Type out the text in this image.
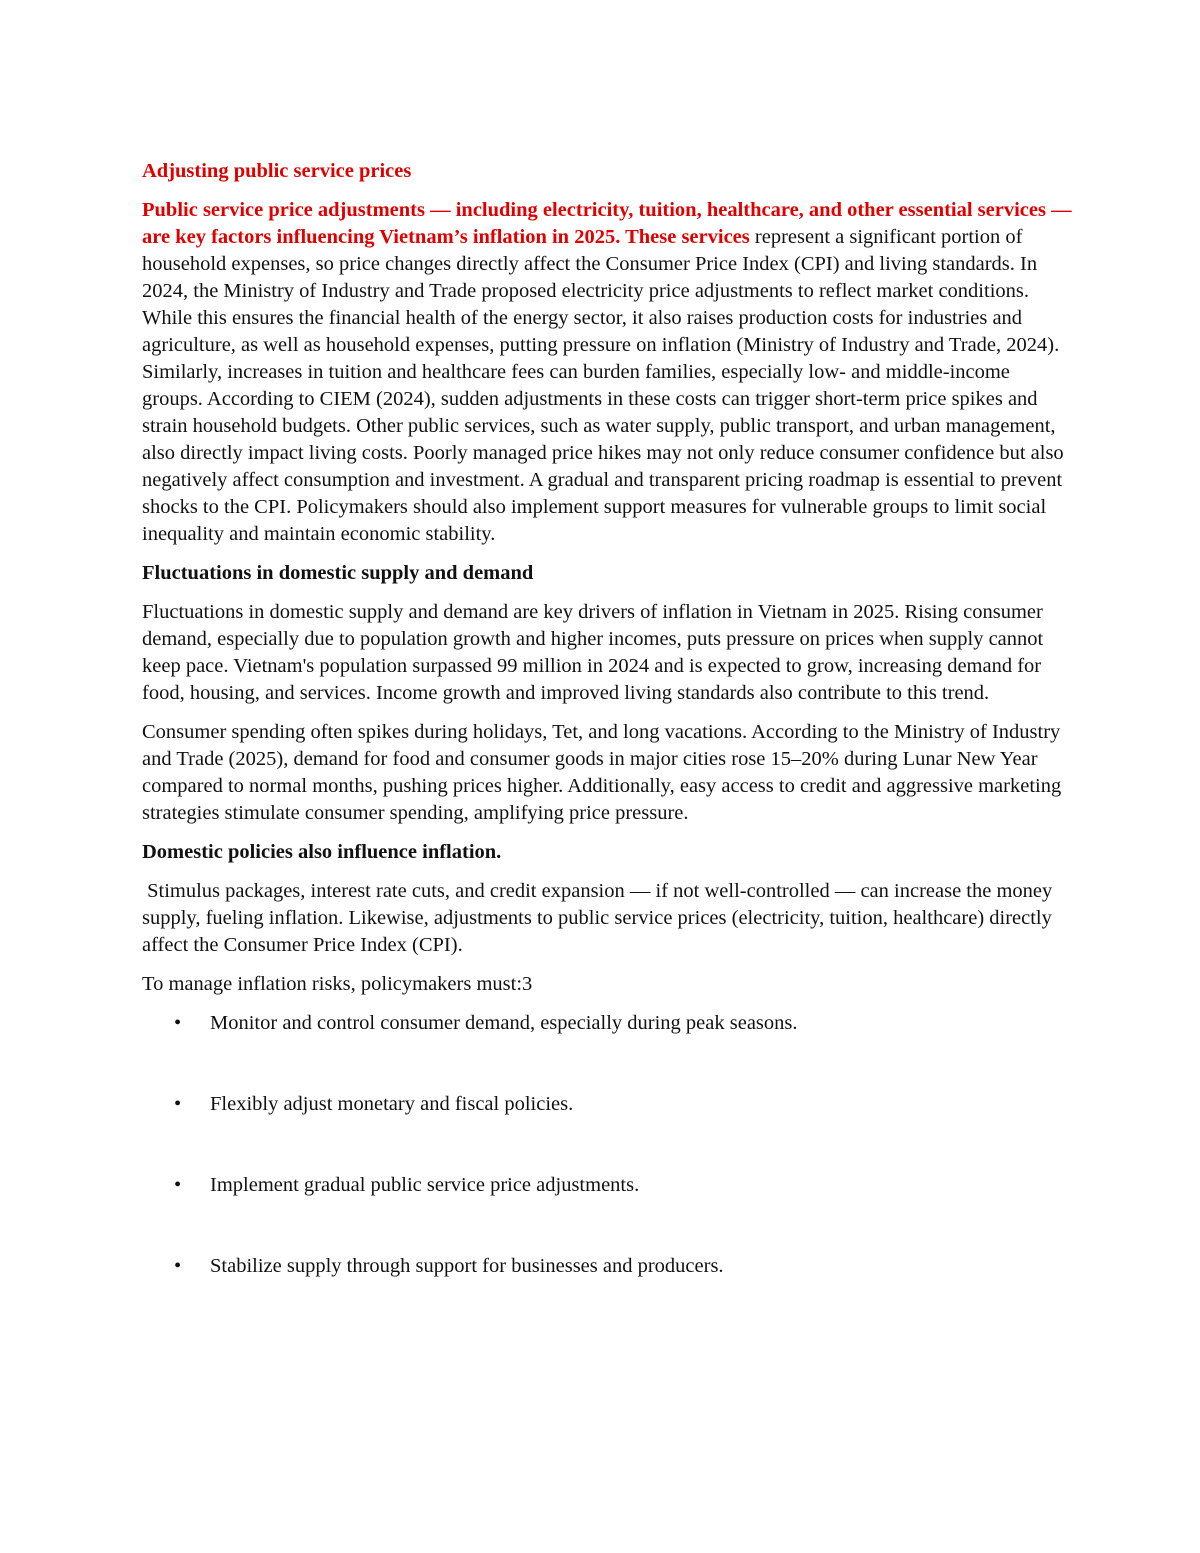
Adjusting public service prices
Public service price adjustments — including electricity, tuition, healthcare, and other essential services — are key factors influencing Vietnam’s inflation in 2025. These services represent a significant portion of household expenses, so price changes directly affect the Consumer Price Index (CPI) and living standards. In 2024, the Ministry of Industry and Trade proposed electricity price adjustments to reflect market conditions. While this ensures the financial health of the energy sector, it also raises production costs for industries and agriculture, as well as household expenses, putting pressure on inflation (Ministry of Industry and Trade, 2024). Similarly, increases in tuition and healthcare fees can burden families, especially low- and middle-income groups. According to CIEM (2024), sudden adjustments in these costs can trigger short-term price spikes and strain household budgets. Other public services, such as water supply, public transport, and urban management, also directly impact living costs. Poorly managed price hikes may not only reduce consumer confidence but also negatively affect consumption and investment. A gradual and transparent pricing roadmap is essential to prevent shocks to the CPI. Policymakers should also implement support measures for vulnerable groups to limit social inequality and maintain economic stability.
Fluctuations in domestic supply and demand
Fluctuations in domestic supply and demand are key drivers of inflation in Vietnam in 2025. Rising consumer demand, especially due to population growth and higher incomes, puts pressure on prices when supply cannot keep pace. Vietnam's population surpassed 99 million in 2024 and is expected to grow, increasing demand for food, housing, and services. Income growth and improved living standards also contribute to this trend.
Consumer spending often spikes during holidays, Tet, and long vacations. According to the Ministry of Industry and Trade (2025), demand for food and consumer goods in major cities rose 15–20% during Lunar New Year compared to normal months, pushing prices higher. Additionally, easy access to credit and aggressive marketing strategies stimulate consumer spending, amplifying price pressure.
Domestic policies also influence inflation.
Stimulus packages, interest rate cuts, and credit expansion — if not well-controlled — can increase the money supply, fueling inflation. Likewise, adjustments to public service prices (electricity, tuition, healthcare) directly affect the Consumer Price Index (CPI).
To manage inflation risks, policymakers must:3
• Monitor and control consumer demand, especially during peak seasons.
• Flexibly adjust monetary and fiscal policies.
• Implement gradual public service price adjustments.
• Stabilize supply through support for businesses and producers.
